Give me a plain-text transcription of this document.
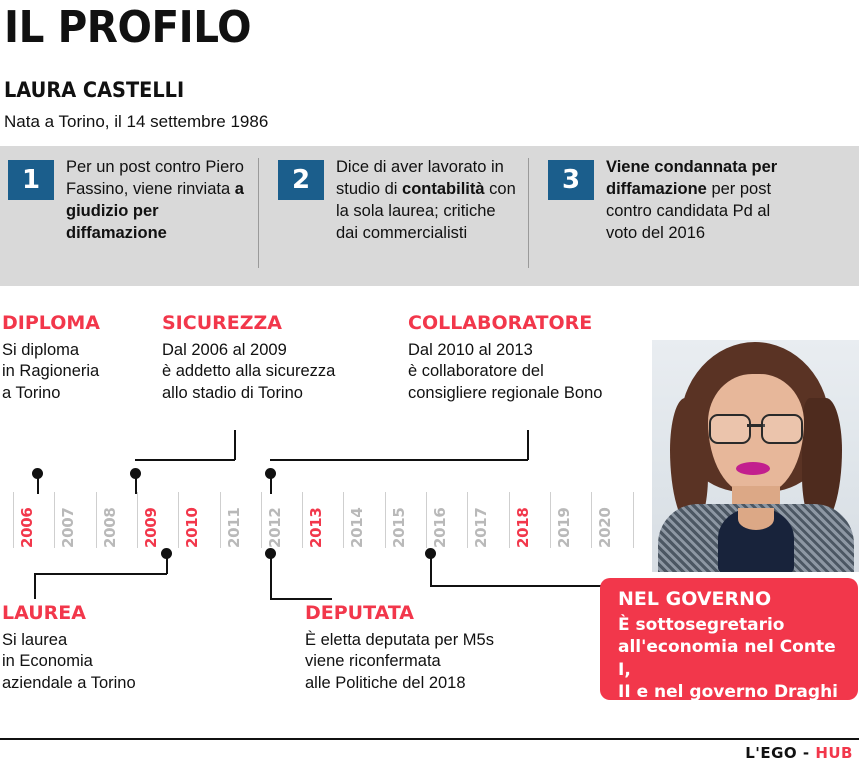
IL PROFILO
LAURA CASTELLI
Nata a Torino, il 14 settembre 1986
1	Per un post contro Piero Fassino, viene rinviata a giudizio per diffamazione
2	Dice di aver lavorato in studio di contabilità con la sola laurea; critiche dai commercialisti
3	Viene condannata per diffamazione per post contro candidata Pd al voto del 2016
DIPLOMA
Si diploma
in Ragioneria
a Torino
SICUREZZA
Dal 2006 al 2009
è addetto alla sicurezza
allo stadio di Torino
COLLABORATORE
Dal 2010 al 2013
è collaboratore del
consigliere regionale Bono
LAUREA
Si laurea
in Economia
aziendale a Torino
DEPUTATA
È eletta deputata per M5s
viene riconfermata
alle Politiche del 2018
2006 2007 2008 2009 2010 2011 2012 2013 2014 2015 2016 2017 2018 2019 2020
NEL GOVERNO
È sottosegretario
all'economia nel Conte I,
II e nel governo Draghi
L'EGO - HUB
